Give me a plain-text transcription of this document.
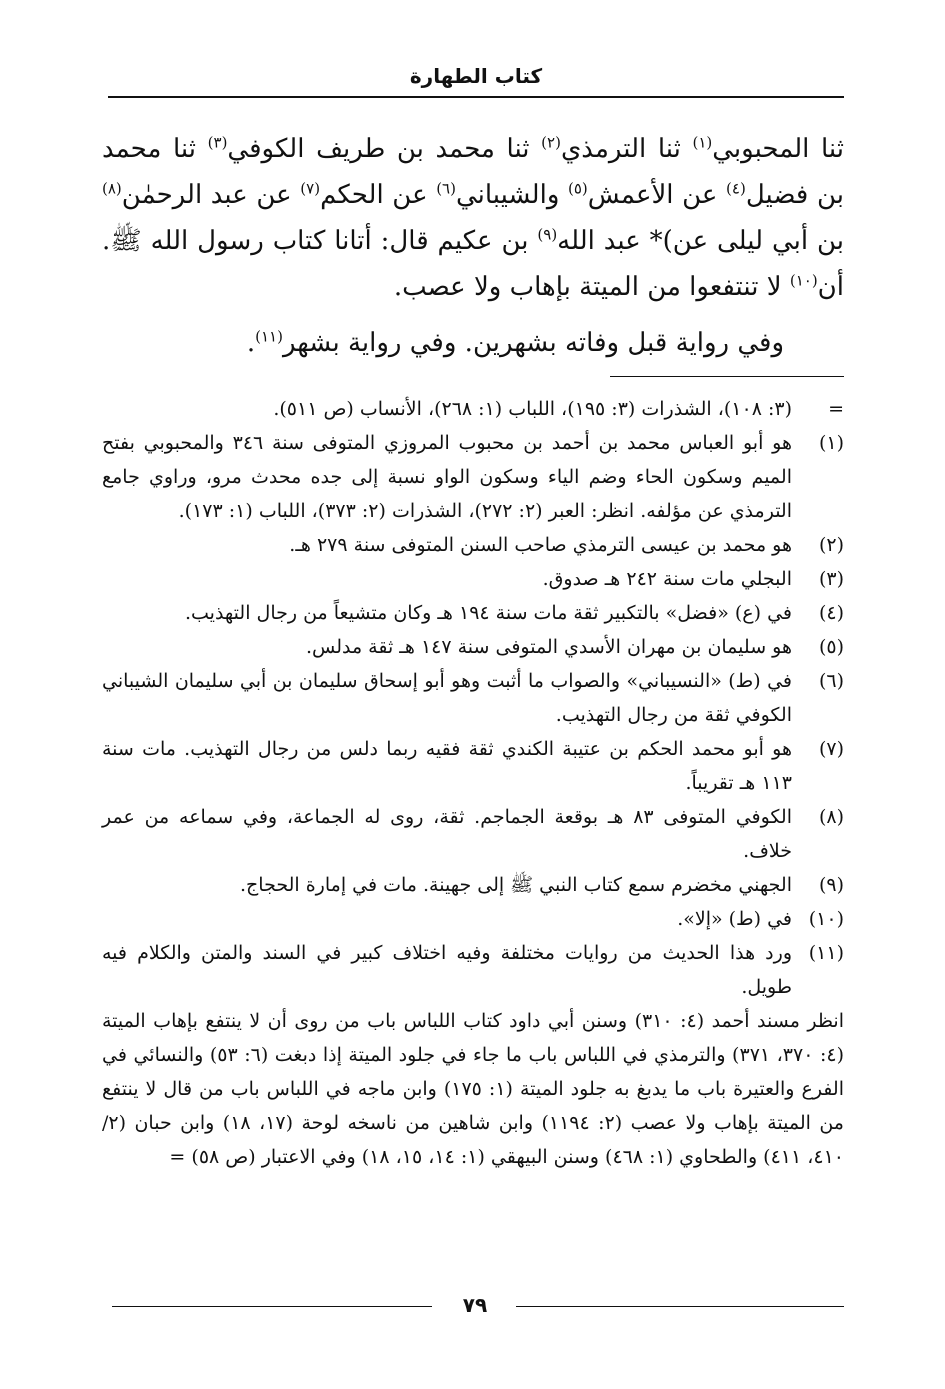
كتاب الطهارة

ثنا المحبوبي$^{(١)}$ ثنا الترمذي$^{(٢)}$ ثنا محمد بن طريف الكوفي$^{(٣)}$ ثنا محمد بن فضيل$^{(٤)}$ عن الأعمش$^{(٥)}$ والشيباني$^{(٦)}$ عن الحكم$^{(٧)}$ عن عبد الرحمٰن$^{(٨)}$ بن أبي ليلى عن)* عبد الله$^{(٩)}$ بن عكيم قال: أتانا كتاب رسول الله ﷺ. أن$^{(١٠)}$ لا تنتفعوا من الميتة بإهاب ولا عصب.

وفي رواية قبل وفاته بشهرين. وفي رواية بشهر$^{(١١)}$.

=
(٣: ١٠٨)، الشذرات (٣: ١٩٥)، اللباب (١: ٢٦٨)، الأنساب (ص ٥١١).
(١)
هو أبو العباس محمد بن أحمد بن محبوب المروزي المتوفى سنة ٣٤٦ والمحبوبي بفتح الميم وسكون الحاء وضم الياء وسكون الواو نسبة إلى جده محدث مرو، وراوي جامع الترمذي عن مؤلفه. انظر: العبر (٢: ٢٧٢)، الشذرات (٢: ٣٧٣)، اللباب (١: ١٧٣).
(٢)
هو محمد بن عيسى الترمذي صاحب السنن المتوفى سنة ٢٧٩ هـ.
(٣)
البجلي مات سنة ٢٤٢ هـ صدوق.
(٤)
في (ع) «فضل» بالتكبير ثقة مات سنة ١٩٤ هـ وكان متشيعاً من رجال التهذيب.
(٥)
هو سليمان بن مهران الأسدي المتوفى سنة ١٤٧ هـ ثقة مدلس.
(٦)
في (ط) «النسيباني» والصواب ما أثبت وهو أبو إسحاق سليمان بن أبي سليمان الشيباني الكوفي ثقة من رجال التهذيب.
(٧)
هو أبو محمد الحكم بن عتيبة الكندي ثقة فقيه ربما دلس من رجال التهذيب. مات سنة ١١٣ هـ تقريباً.
(٨)
الكوفي المتوفى ٨٣ هـ بوقعة الجماجم. ثقة، روى له الجماعة، وفي سماعه من عمر خلاف.
(٩)
الجهني مخضرم سمع كتاب النبي ﷺ إلى جهينة. مات في إمارة الحجاج.
(١٠)
في (ط) «إلا».
(١١)
ورد هذا الحديث من روايات مختلفة وفيه اختلاف كبير في السند والمتن والكلام فيه طويل.
انظر مسند أحمد (٤: ٣١٠) وسنن أبي داود كتاب اللباس باب من روى أن لا ينتفع بإهاب الميتة (٤: ٣٧٠، ٣٧١) والترمذي في اللباس باب ما جاء في جلود الميتة إذا دبغت (٦: ٥٣) والنسائي في الفرع والعتيرة باب ما يدبغ به جلود الميتة (١: ١٧٥) وابن ماجه في اللباس باب من قال لا ينتفع من الميتة بإهاب ولا عصب (٢: ١١٩٤) وابن شاهين من ناسخه لوحة (١٧، ١٨) وابن حبان (٢/ ٤١٠، ٤١١) والطحاوي (١: ٤٦٨) وسنن البيهقي (١: ١٤، ١٥، ١٨) وفي الاعتبار (ص ٥٨) =
٧٩
